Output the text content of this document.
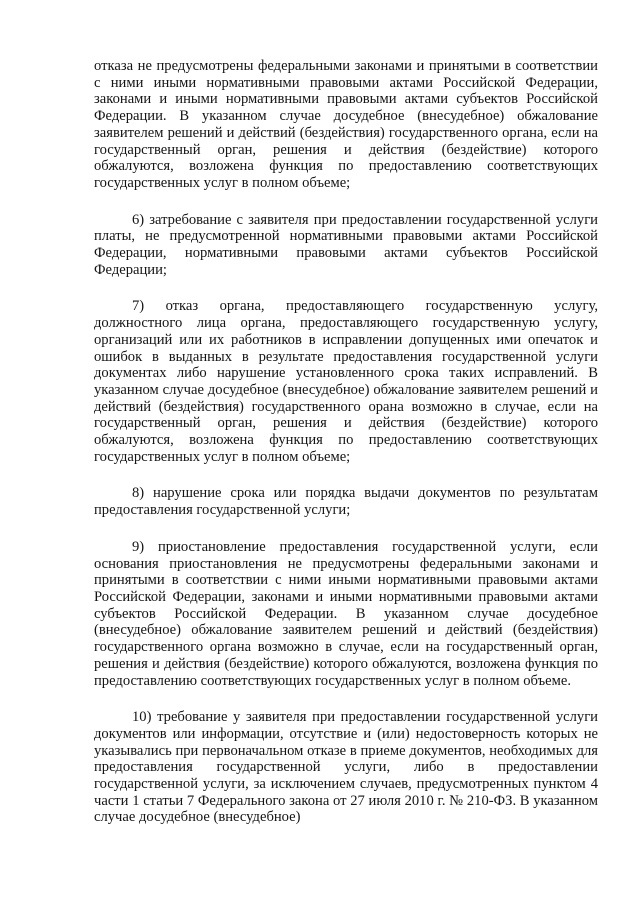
отказа не предусмотрены федеральными законами и принятыми в соответствии с ними иными нормативными правовыми актами Российской Федерации, законами и иными нормативными правовыми актами субъектов Российской Федерации. В указанном случае досудебное (внесудебное) обжалование заявителем решений и действий (бездействия) государственного органа, если на государственный орган, решения и действия (бездействие) которого обжалуются, возложена функция по предоставлению соответствующих государственных услуг в полном объеме;

6) затребование с заявителя при предоставлении государственной услуги платы, не предусмотренной нормативными правовыми актами Российской Федерации, нормативными правовыми актами субъектов Российской Федерации;

7) отказ органа, предоставляющего государственную услугу, должностного лица органа, предоставляющего государственную услугу, организаций или их работников в исправлении допущенных ими опечаток и ошибок в выданных в результате предоставления государственной услуги документах либо нарушение установленного срока таких исправлений. В указанном случае досудебное (внесудебное) обжалование заявителем решений и действий (бездействия) государственного орана возможно в случае, если на государственный орган, решения и действия (бездействие) которого обжалуются, возложена функция по предоставлению соответствующих государственных услуг в полном объеме;

8) нарушение срока или порядка выдачи документов по результатам предоставления государственной услуги;

9) приостановление предоставления государственной услуги, если основания приостановления не предусмотрены федеральными законами и принятыми в соответствии с ними иными нормативными правовыми актами Российской Федерации, законами и иными нормативными правовыми актами субъектов Российской Федерации. В указанном случае досудебное (внесудебное) обжалование заявителем решений и действий (бездействия) государственного органа возможно в случае, если на государственный орган, решения и действия (бездействие) которого обжалуются, возложена функция по предоставлению соответствующих государственных услуг в полном объеме.

10) требование у заявителя при предоставлении государственной услуги документов или информации, отсутствие и (или) недостоверность которых не указывались при первоначальном отказе в приеме документов, необходимых для предоставления государственной услуги, либо в предоставлении государственной услуги, за исключением случаев, предусмотренных пунктом 4 части 1 статьи 7 Федерального закона от 27 июля 2010 г. № 210-ФЗ. В указанном случае досудебное (внесудебное)
